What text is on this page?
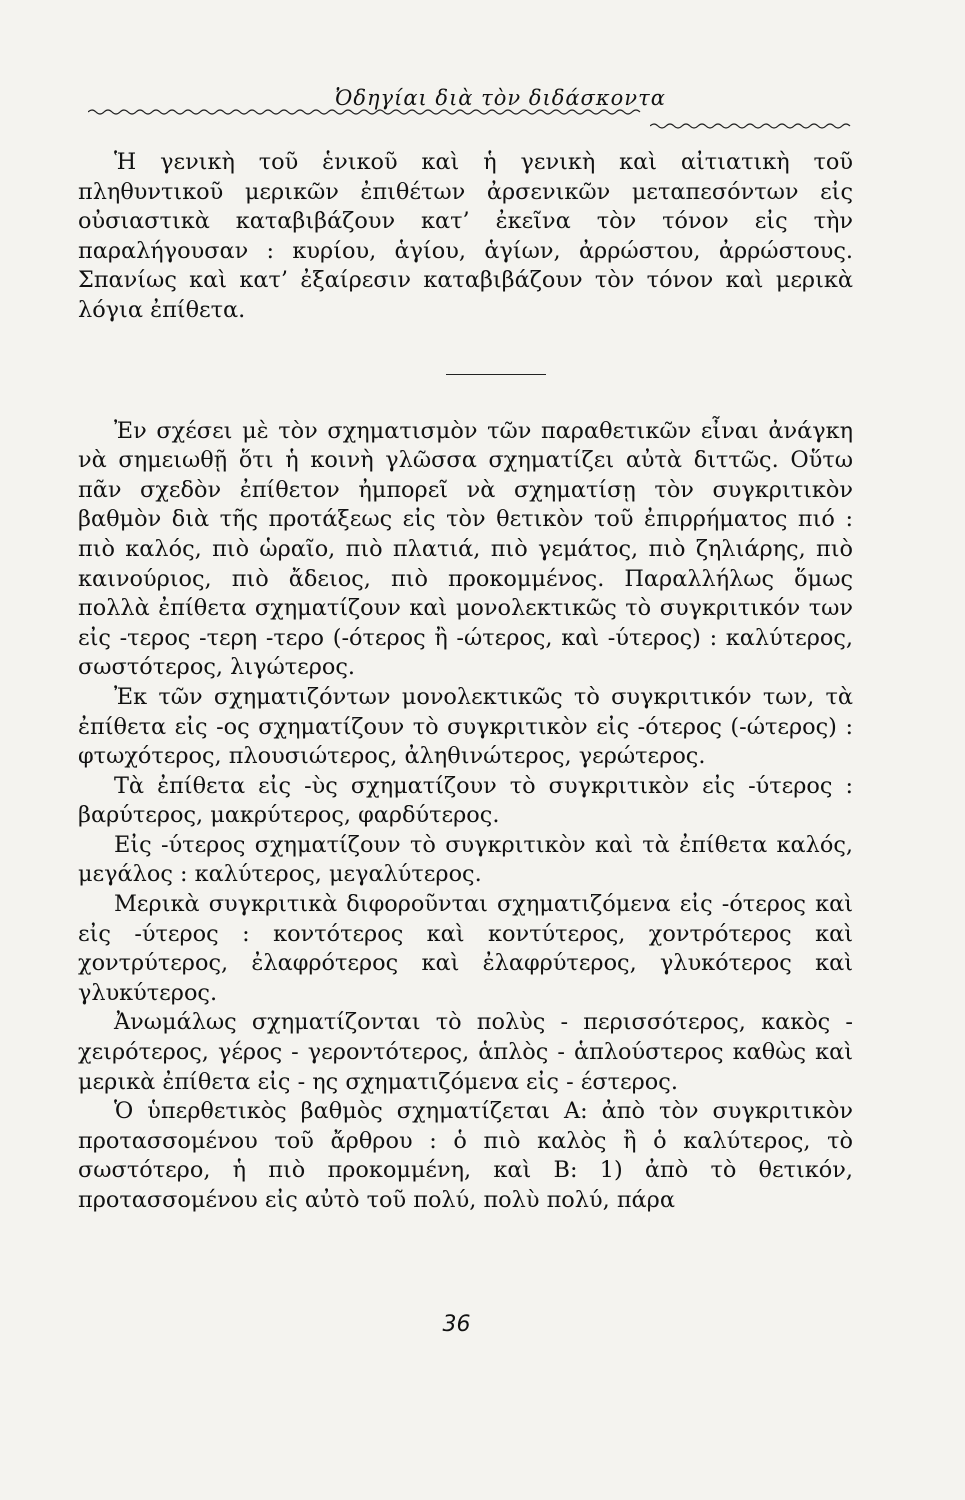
Ὀδηγίαι διὰ τὸν διδάσκοντα

Ἡ γενικὴ τοῦ ἑνικοῦ καὶ ἡ γενικὴ καὶ αἰτιατικὴ τοῦ πληθυντικοῦ μερικῶν ἐπιθέτων ἀρσενικῶν μεταπεσόντων εἰς οὐσιαστικὰ καταβιβάζουν κατ’ ἐκεῖνα τὸν τόνον εἰς τὴν παραλήγουσαν : κυρίου, ἁγίου, ἁγίων, ἀρρώστου, ἀρρώστους. Σπανίως καὶ κατ’ ἐξαίρεσιν καταβιβάζουν τὸν τόνον καὶ μερικὰ λόγια ἐπίθετα.

Ἐν σχέσει μὲ τὸν σχηματισμὸν τῶν παραθετικῶν εἶναι ἀνάγκη νὰ σημειωθῇ ὅτι ἡ κοινὴ γλῶσσα σχηματίζει αὐτὰ διττῶς. Οὕτω πᾶν σχεδὸν ἐπίθετον ἠμπορεῖ νὰ σχηματίσῃ τὸν συγκριτικὸν βαθμὸν διὰ τῆς προτάξεως εἰς τὸν θετικὸν τοῦ ἐπιρρήματος πιό : πιὸ καλός, πιὸ ὡραῖο, πιὸ πλατιά, πιὸ γεμάτος, πιὸ ζηλιάρης, πιὸ καινούριος, πιὸ ἄδειος, πιὸ προκομμένος. Παραλλήλως ὅμως πολλὰ ἐπίθετα σχηματίζουν καὶ μονολεκτικῶς τὸ συγκριτικόν των εἰς -τερος -τερη -τερο (-ότερος ἢ -ώτερος, καὶ -ύτερος) : καλύτερος, σωστότερος, λιγώτερος.

Ἐκ τῶν σχηματιζόντων μονολεκτικῶς τὸ συγκριτικόν των, τὰ ἐπίθετα εἰς -ος σχηματίζουν τὸ συγκριτικὸν εἰς -ότερος (-ώτερος) : φτωχότερος, πλουσιώτερος, ἀληθινώτερος, γερώτερος.

Τὰ ἐπίθετα εἰς -ὺς σχηματίζουν τὸ συγκριτικὸν εἰς -ύτερος : βαρύτερος, μακρύτερος, φαρδύτερος.

Εἰς -ύτερος σχηματίζουν τὸ συγκριτικὸν καὶ τὰ ἐπίθετα καλός, μεγάλος : καλύτερος, μεγαλύτερος.

Μερικὰ συγκριτικὰ διφοροῦνται σχηματιζόμενα εἰς -ότερος καὶ εἰς -ύτερος : κοντότερος καὶ κοντύτερος, χοντρότερος καὶ χοντρύτερος, ἐλαφρότερος καὶ ἐλαφρύτερος, γλυκότερος καὶ γλυκύτερος.

Ἀνωμάλως σχηματίζονται τὸ πολὺς - περισσότερος, κακὸς - χειρότερος, γέρος - γεροντότερος, ἁπλὸς - ἁπλούστερος καθὼς καὶ μερικὰ ἐπίθετα εἰς - ης σχηματιζόμενα εἰς - έστερος.

Ὁ ὑπερθετικὸς βαθμὸς σχηματίζεται Α: ἀπὸ τὸν συγκριτικὸν προτασσομένου τοῦ ἄρθρου : ὁ πιὸ καλὸς ἢ ὁ καλύτερος, τὸ σωστότερο, ἡ πιὸ προκομμένη, καὶ Β: 1) ἀπὸ τὸ θετικόν, προτασσομένου εἰς αὐτὸ τοῦ πολύ, πολὺ πολύ, πάρα

36
